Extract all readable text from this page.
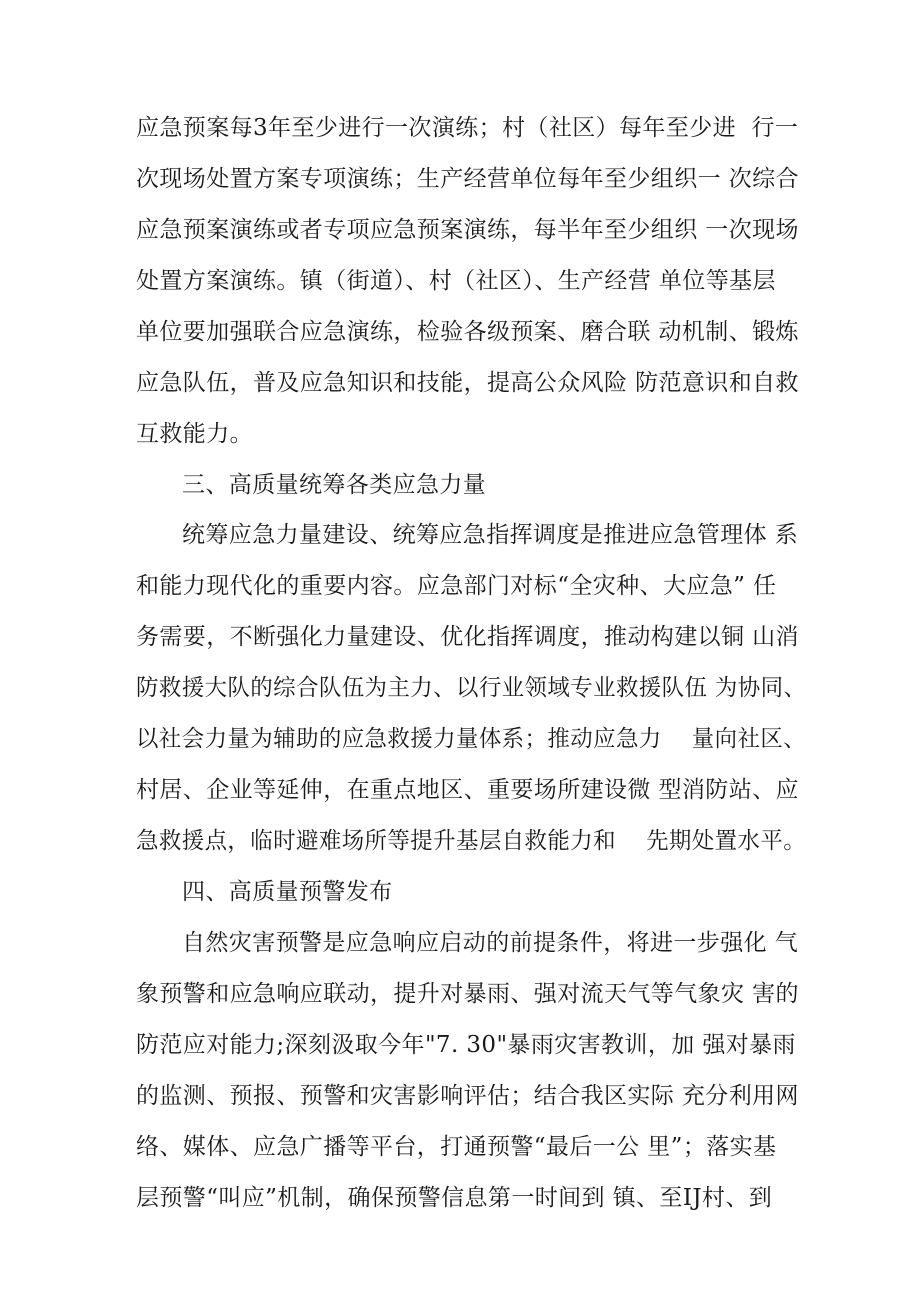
应急预案每3年至少进行一次演练；村（社区）每年至少进  行一
次现场处置方案专项演练；生产经营单位每年至少组织一 次综合
应急预案演练或者专项应急预案演练，每半年至少组织 一次现场
处置方案演练。镇（街道）、村（社区）、生产经营 单位等基层
单位要加强联合应急演练，检验各级预案、磨合联 动机制、锻炼
应急队伍，普及应急知识和技能，提高公众风险 防范意识和自救
互救能力。
三、高质量统筹各类应急力量
统筹应急力量建设、统筹应急指挥调度是推进应急管理体 系
和能力现代化的重要内容。应急部门对标“全灾种、大应急” 任
务需要，不断强化力量建设、优化指挥调度，推动构建以铜 山消
防救援大队的综合队伍为主力、以行业领域专业救援队伍 为协同、
以社会力量为辅助的应急救援力量体系；推动应急力    量向社区、
村居、企业等延伸，在重点地区、重要场所建设微 型消防站、应
急救援点，临时避难场所等提升基层自救能力和    先期处置水平。
四、高质量预警发布
自然灾害预警是应急响应启动的前提条件，将进一步强化 气
象预警和应急响应联动，提升对暴雨、强对流天气等气象灾 害的
防范应对能力;深刻汲取今年"7. 30"暴雨灾害教训，加 强对暴雨
的监测、预报、预警和灾害影响评估；结合我区实际 充分利用网
络、媒体、应急广播等平台，打通预警“最后一公 里”；落实基
层预警“叫应”机制，确保预警信息第一时间到 镇、至IJ村、到
